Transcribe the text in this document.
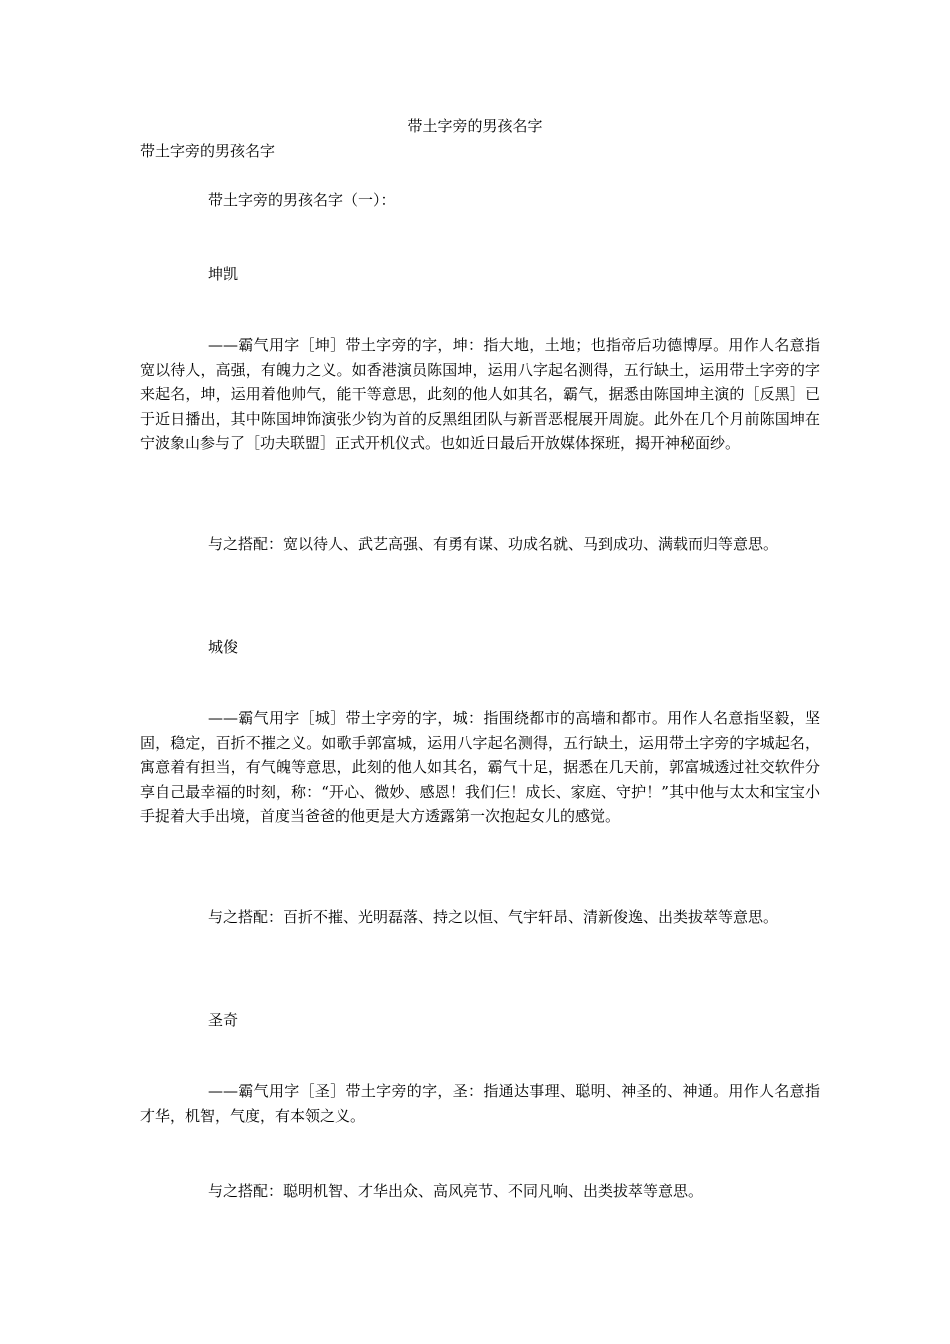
带土字旁的男孩名字
带土字旁的男孩名字
带土字旁的男孩名字（一）：
坤凯

——霸气用字［坤］带土字旁的字，坤：指大地，土地；也指帝后功德博厚。用作人名意指宽以待人，高强，有魄力之义。如香港演员陈国坤，运用八字起名测得，五行缺土，运用带土字旁的字来起名，坤，运用着他帅气，能干等意思，此刻的他人如其名，霸气，据悉由陈国坤主演的［反黑］已于近日播出，其中陈国坤饰演张少钧为首的反黑组团队与新晋恶棍展开周旋。此外在几个月前陈国坤在宁波象山参与了［功夫联盟］正式开机仪式。也如近日最后开放媒体探班，揭开神秘面纱。

与之搭配：宽以待人、武艺高强、有勇有谋、功成名就、马到成功、满载而归等意思。

城俊

——霸气用字［城］带土字旁的字，城：指围绕都市的高墙和都市。用作人名意指坚毅，坚固，稳定，百折不摧之义。如歌手郭富城，运用八字起名测得，五行缺土，运用带土字旁的字城起名，寓意着有担当，有气魄等意思，此刻的他人如其名，霸气十足，据悉在几天前，郭富城透过社交软件分享自己最幸福的时刻，称：“开心、微妙、感恩！我们仨！成长、家庭、守护！”其中他与太太和宝宝小手捉着大手出境，首度当爸爸的他更是大方透露第一次抱起女儿的感觉。

与之搭配：百折不摧、光明磊落、持之以恒、气宇轩昂、清新俊逸、出类拔萃等意思。

圣奇

——霸气用字［圣］带土字旁的字，圣：指通达事理、聪明、神圣的、神通。用作人名意指才华，机智，气度，有本领之义。

与之搭配：聪明机智、才华出众、高风亮节、不同凡响、出类拔萃等意思。
